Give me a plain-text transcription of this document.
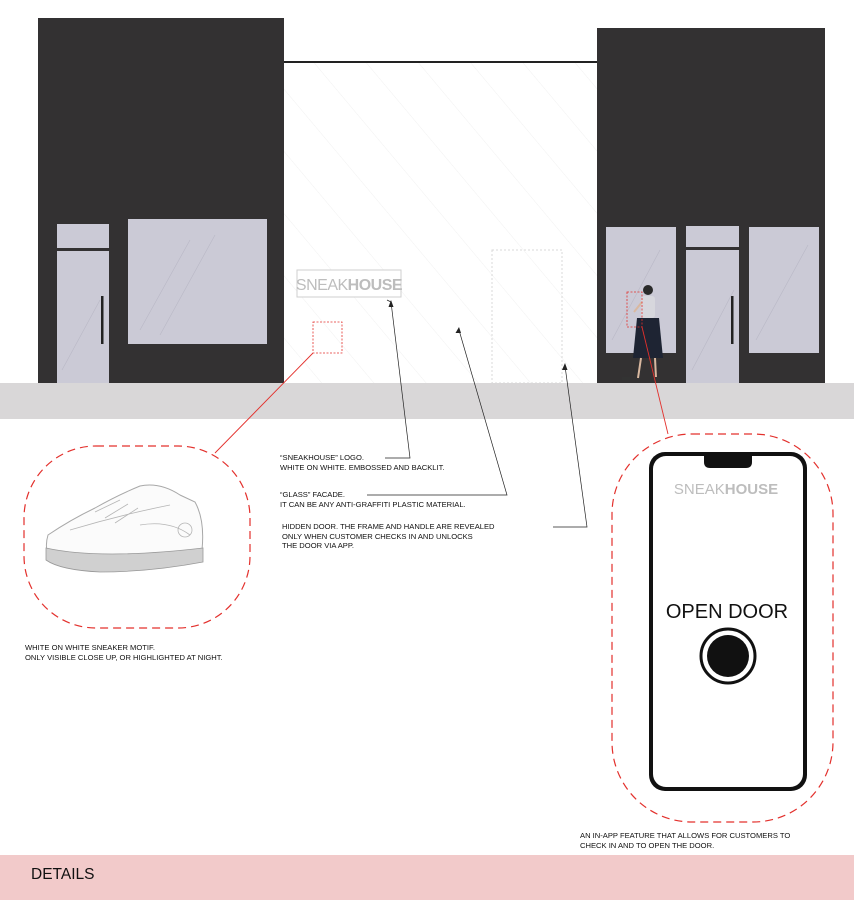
SNEAKHOUSE
SNEAKHOUSE
OPEN DOOR

“SNEAKHOUSE” LOGO.
WHITE ON WHITE. EMBOSSED AND BACKLIT.

“GLASS” FACADE.
IT CAN BE ANY ANTI-GRAFFITI PLASTIC MATERIAL.

HIDDEN DOOR. THE FRAME AND HANDLE ARE REVEALED
ONLY WHEN CUSTOMER CHECKS IN AND UNLOCKS
THE DOOR VIA APP.

WHITE ON WHITE SNEAKER MOTIF.
ONLY VISIBLE CLOSE UP, OR HIGHLIGHTED AT NIGHT.

AN IN-APP FEATURE THAT ALLOWS FOR CUSTOMERS TO
CHECK IN AND TO OPEN THE DOOR.

DETAILS
